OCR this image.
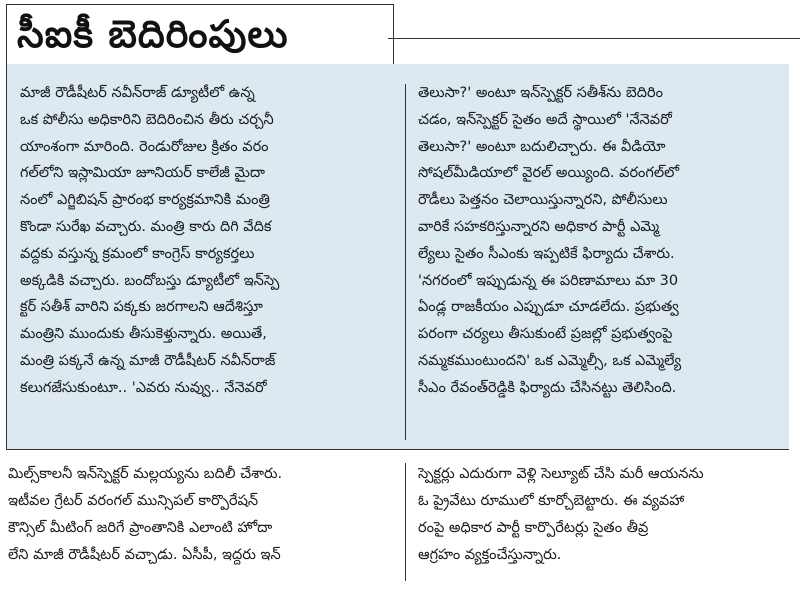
సీఐకీ బెదిరింపులు
మాజీ రౌడీషీటర్ నవీన్‌రాజ్ డ్యూటీలో ఉన్న
ఒక పోలీసు అధికారిని బెదిరించిన తీరు చర్చనీ
యాంశంగా మారింది. రెండురోజుల క్రితం వరం
గల్‌లోని ఇస్లామియా జూనియర్ కాలేజీ మైదా
నంలో ఎగ్జిబిషన్ ప్రారంభ కార్యక్రమానికి మంత్రి
కొండా సురేఖ వచ్చారు. మంత్రి కారు దిగి వేదిక
వద్దకు వస్తున్న క్రమంలో కాంగ్రెస్ కార్యకర్తలు
అక్కడికి వచ్చారు. బందోబస్తు డ్యూటీలో ఇన్‌స్పె
క్టర్ సతీశ్ వారిని పక్కకు జరగాలని ఆదేశిస్తూ
మంత్రిని ముందుకు తీసుకెళ్తున్నారు. అయితే,
మంత్రి పక్కనే ఉన్న మాజీ రౌడీషీటర్ నవీన్‌రాజ్
కలుగజేసుకుంటూ.. 'ఎవరు నువ్వు.. నేనెవరో
తెలుసా?' అంటూ ఇన్‌స్పెక్టర్ సతీశ్‌ను బెదిరిం
చడం, ఇన్‌స్పెక్టర్ సైతం అదే స్థాయిలో 'నేనెవరో
తెలుసా?' అంటూ బదులిచ్చారు. ఈ వీడియో
సోషల్‌మీడియాలో వైరల్ అయ్యింది. వరంగల్‌లో
రౌడీలు పెత్తనం చెలాయిస్తున్నారని, పోలీసులు
వారికే సహకరిస్తున్నారని అధికార పార్టీ ఎమ్మె
ల్యేలు సైతం సీఎంకు ఇప్పటికే ఫిర్యాదు చేశారు.
'నగరంలో ఇప్పుడున్న ఈ పరిణామాలు మా 30
ఏండ్ల రాజకీయం ఎప్పుడూ చూడలేదు. ప్రభుత్వ
పరంగా చర్యలు తీసుకుంటే ప్రజల్లో ప్రభుత్వంపై
నమ్మకముంటుందని' ఒక ఎమ్మెల్సీ, ఒక ఎమ్మెల్యే
సీఎం రేవంత్‌రెడ్డికి ఫిర్యాదు చేసినట్టు తెలిసింది.
మిల్స్‌కాలనీ ఇన్‌స్పెక్టర్ మల్లయ్యను బదిలీ చేశారు.
ఇటీవల గ్రేటర్ వరంగల్ మున్సిపల్ కార్పొరేషన్
కౌన్సిల్ మీటింగ్ జరిగే ప్రాంతానికి ఎలాంటి హోదా
లేని మాజీ రౌడీషీటర్ వచ్చాడు. ఏసీపీ, ఇద్దరు ఇన్
స్పెక్టర్లు ఎదురుగా వెళ్లి సెల్యూట్ చేసి మరీ ఆయనను
ఓ ప్రైవేటు రూములో కూర్చోబెట్టారు. ఈ వ్యవహా
రంపై అధికార పార్టీ కార్పొరేటర్లు సైతం తీవ్ర
ఆగ్రహం వ్యక్తంచేస్తున్నారు.
